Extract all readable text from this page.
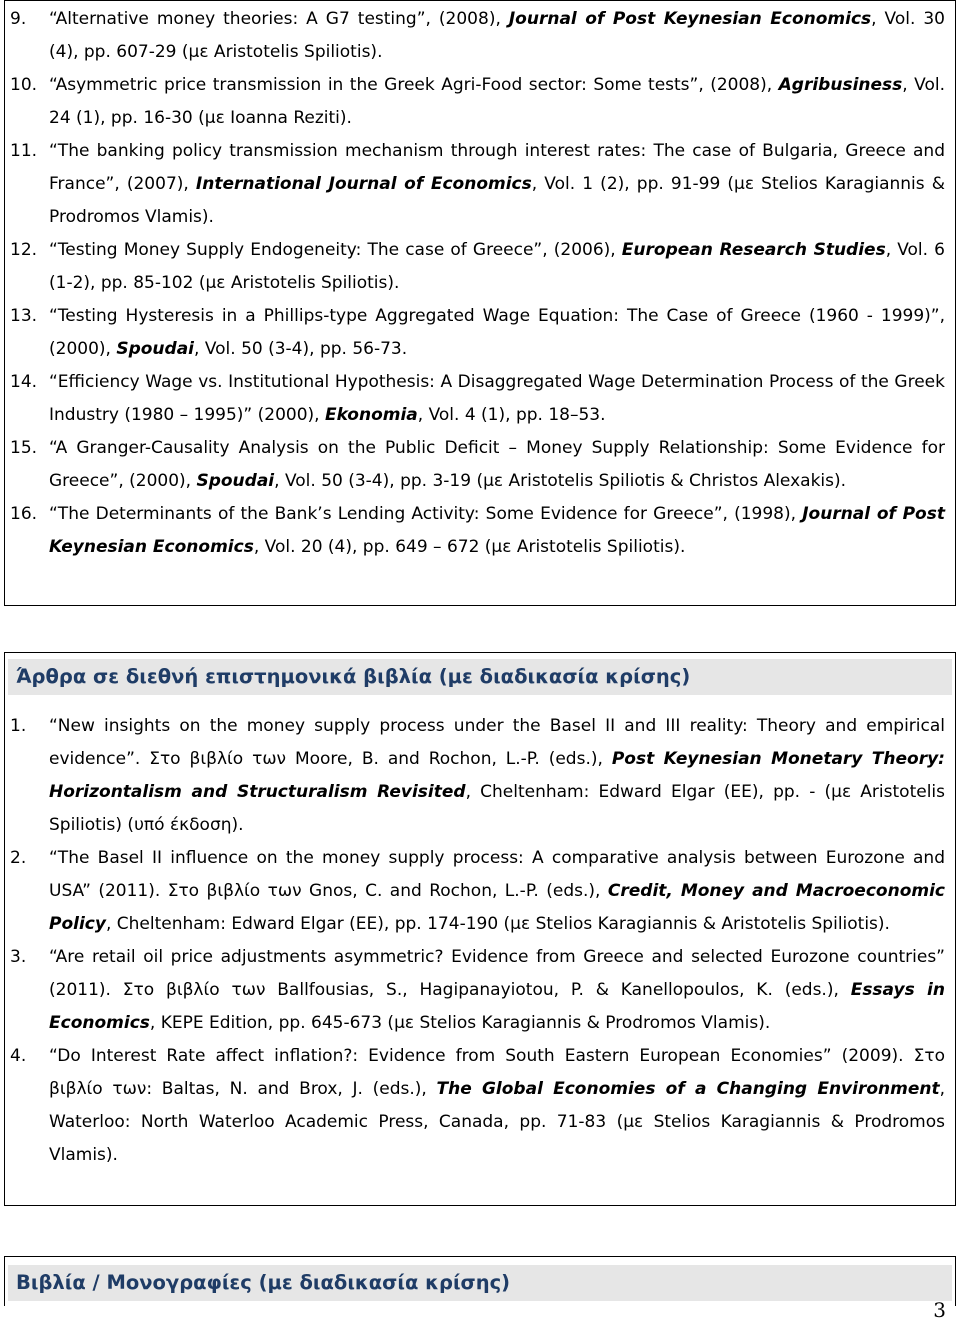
9. “Alternative money theories: A G7 testing”, (2008), Journal of Post Keynesian Economics, Vol. 30 (4), pp. 607-29 (με Aristotelis Spiliotis).
10. “Asymmetric price transmission in the Greek Agri-Food sector: Some tests”, (2008), Agribusiness, Vol. 24 (1), pp. 16-30 (με Ioanna Reziti).
11. “The banking policy transmission mechanism through interest rates: The case of Bulgaria, Greece and France”, (2007), International Journal of Economics, Vol. 1 (2), pp. 91-99 (με Stelios Karagiannis & Prodromos Vlamis).
12. “Testing Money Supply Endogeneity: The case of Greece”, (2006), European Research Studies, Vol. 6 (1-2), pp. 85-102 (με Aristotelis Spiliotis).
13. “Testing Hysteresis in a Phillips-type Aggregated Wage Equation: The Case of Greece (1960 - 1999)”, (2000), Spoudai, Vol. 50 (3-4), pp. 56-73.
14. “Efficiency Wage vs. Institutional Hypothesis: A Disaggregated Wage Determination Process of the Greek Industry (1980 – 1995)” (2000), Ekonomia, Vol. 4 (1), pp. 18–53.
15. “A Granger-Causality Analysis on the Public Deficit – Money Supply Relationship: Some Evidence for Greece”, (2000), Spoudai, Vol. 50 (3-4), pp. 3-19 (με Aristotelis Spiliotis & Christos Alexakis).
16. “The Determinants of the Bank’s Lending Activity: Some Evidence for Greece”, (1998), Journal of Post Keynesian Economics, Vol. 20 (4), pp. 649 – 672 (με Aristotelis Spiliotis).
Άρθρα σε διεθνή επιστημονικά βιβλία (με διαδικασία κρίσης)
1. “New insights on the money supply process under the Basel II and III reality: Theory and empirical evidence”. Στο βιβλίο των Moore, B. and Rochon, L.-P. (eds.), Post Keynesian Monetary Theory: Horizontalism and Structuralism Revisited, Cheltenham: Edward Elgar (EE), pp. - (με Aristotelis Spiliotis) (υπό έκδοση).
2. “The Basel II influence on the money supply process: A comparative analysis between Eurozone and USA” (2011). Στο βιβλίο των Gnos, C. and Rochon, L.-P. (eds.), Credit, Money and Macroeconomic Policy, Cheltenham: Edward Elgar (EE), pp. 174-190 (με Stelios Karagiannis & Aristotelis Spiliotis).
3. “Are retail oil price adjustments asymmetric? Evidence from Greece and selected Eurozone countries” (2011). Στο βιβλίο των Ballfousias, S., Hagipanayiotou, P. & Kanellopoulos, K. (eds.), Essays in Economics, KEPE Edition, pp. 645-673 (με Stelios Karagiannis & Prodromos Vlamis).
4. “Do Interest Rate affect inflation?: Evidence from South Eastern European Economies” (2009). Στο βιβλίο των: Baltas, N. and Brox, J. (eds.), The Global Economies of a Changing Environment, Waterloo: North Waterloo Academic Press, Canada, pp. 71-83 (με Stelios Karagiannis & Prodromos Vlamis).
Βιβλία / Μονογραφίες (με διαδικασία κρίσης)
3
